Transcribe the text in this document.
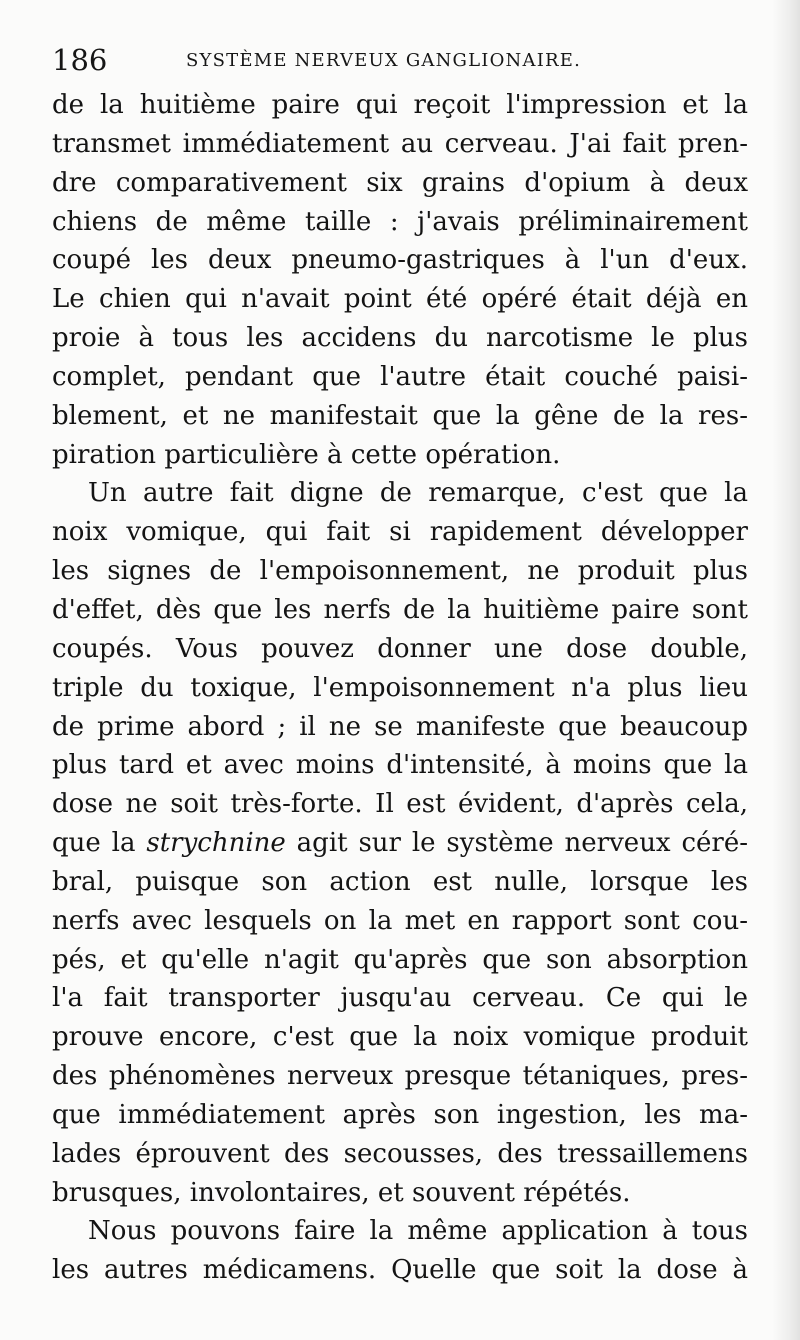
186	SYSTÈME NERVEUX GANGLIONAIRE.
de la huitième paire qui reçoit l'impression et la
transmet immédiatement au cerveau. J'ai fait pren-
dre comparativement six grains d'opium à deux
chiens de même taille : j'avais préliminairement
coupé les deux pneumo-gastriques à l'un d'eux.
Le chien qui n'avait point été opéré était déjà en
proie à tous les accidens du narcotisme le plus
complet, pendant que l'autre était couché paisi-
blement, et ne manifestait que la gêne de la res-
piration particulière à cette opération.
Un autre fait digne de remarque, c'est que la
noix vomique, qui fait si rapidement développer
les signes de l'empoisonnement, ne produit plus
d'effet, dès que les nerfs de la huitième paire sont
coupés. Vous pouvez donner une dose double,
triple du toxique, l'empoisonnement n'a plus lieu
de prime abord ; il ne se manifeste que beaucoup
plus tard et avec moins d'intensité, à moins que la
dose ne soit très-forte. Il est évident, d'après cela,
que la strychnine agit sur le système nerveux céré-
bral, puisque son action est nulle, lorsque les
nerfs avec lesquels on la met en rapport sont cou-
pés, et qu'elle n'agit qu'après que son absorption
l'a fait transporter jusqu'au cerveau. Ce qui le
prouve encore, c'est que la noix vomique produit
des phénomènes nerveux presque tétaniques, pres-
que immédiatement après son ingestion, les ma-
lades éprouvent des secousses, des tressaillemens
brusques, involontaires, et souvent répétés.
Nous pouvons faire la même application à tous
les autres médicamens. Quelle que soit la dose à
